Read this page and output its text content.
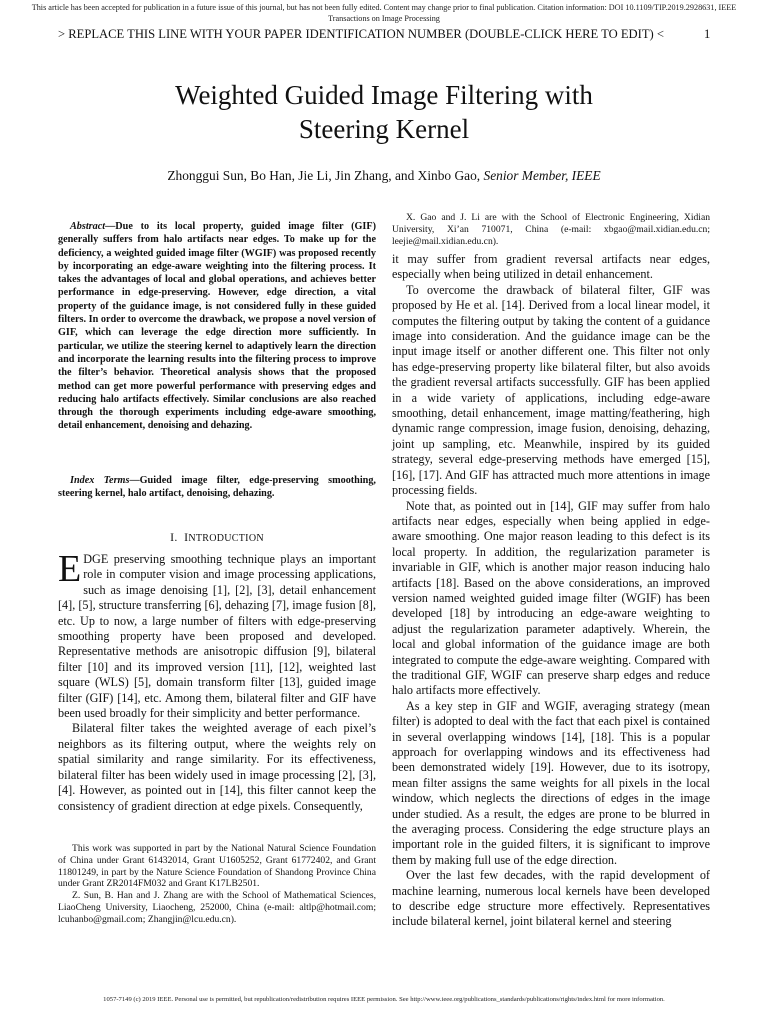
This article has been accepted for publication in a future issue of this journal, but has not been fully edited. Content may change prior to final publication. Citation information: DOI 10.1109/TIP.2019.2928631, IEEE
Transactions on Image Processing
> REPLACE THIS LINE WITH YOUR PAPER IDENTIFICATION NUMBER (DOUBLE-CLICK HERE TO EDIT) <	1
Weighted Guided Image Filtering with
Steering Kernel
Zhonggui Sun, Bo Han, Jie Li, Jin Zhang, and Xinbo Gao, Senior Member, IEEE
Abstract—Due to its local property, guided image filter (GIF) generally suffers from halo artifacts near edges. To make up for the deficiency, a weighted guided image filter (WGIF) was proposed recently by incorporating an edge-aware weighting into the filtering process. It takes the advantages of local and global operations, and achieves better performance in edge-preserving. However, edge direction, a vital property of the guidance image, is not considered fully in these guided filters. In order to overcome the drawback, we propose a novel version of GIF, which can leverage the edge direction more sufficiently. In particular, we utilize the steering kernel to adaptively learn the direction and incorporate the learning results into the filtering process to improve the filter’s behavior. Theoretical analysis shows that the proposed method can get more powerful performance with preserving edges and reducing halo artifacts effectively. Similar conclusions are also reached through the thorough experiments including edge-aware smoothing, detail enhancement, denoising and dehazing.
Index Terms—Guided image filter, edge-preserving smoothing, steering kernel, halo artifact, denoising, dehazing.
I. INTRODUCTION

EDGE preserving smoothing technique plays an important role in computer vision and image processing applications, such as image denoising [1], [2], [3], detail enhancement [4], [5], structure transferring [6], dehazing [7], image fusion [8], etc. Up to now, a large number of filters with edge-preserving smoothing property have been proposed and developed. Representative methods are anisotropic diffusion [9], bilateral filter [10] and its improved version [11], [12], weighted last square (WLS) [5], domain transform filter [13], guided image filter (GIF) [14], etc. Among them, bilateral filter and GIF have been used broadly for their simplicity and better performance.

Bilateral filter takes the weighted average of each pixel’s neighbors as its filtering output, where the weights rely on spatial similarity and range similarity. For its effectiveness, bilateral filter has been widely used in image processing [2], [3], [4]. However, as pointed out in [14], this filter cannot keep the consistency of gradient direction at edge pixels. Consequently,

This work was supported in part by the National Natural Science Foundation of China under Grant 61432014, Grant U1605252, Grant 61772402, and Grant 11801249, in part by the Nature Science Foundation of Shandong Province China under Grant ZR2014FM032 and Grant K17LB2501.

Z. Sun, B. Han and J. Zhang are with the School of Mathematical Sciences, LiaoCheng University, Liaocheng, 252000, China (e-mail: altlp@hotmail.com; lcuhanbo@gmail.com; Zhangjin@lcu.edu.cn).

X. Gao and J. Li are with the School of Electronic Engineering, Xidian University, Xi’an 710071, China (e-mail: xbgao@mail.xidian.edu.cn; leejie@mail.xidian.edu.cn).

it may suffer from gradient reversal artifacts near edges, especially when being utilized in detail enhancement.

To overcome the drawback of bilateral filter, GIF was proposed by He et al. [14]. Derived from a local linear model, it computes the filtering output by taking the content of a guidance image into consideration. And the guidance image can be the input image itself or another different one. This filter not only has edge-preserving property like bilateral filter, but also avoids the gradient reversal artifacts successfully. GIF has been applied in a wide variety of applications, including edge-aware smoothing, detail enhancement, image matting/feathering, high dynamic range compression, image fusion, denoising, dehazing, joint up sampling, etc. Meanwhile, inspired by its guided strategy, several edge-preserving methods have emerged [15], [16], [17]. And GIF has attracted much more attentions in image processing fields.

Note that, as pointed out in [14], GIF may suffer from halo artifacts near edges, especially when being applied in edge-aware smoothing. One major reason leading to this defect is its local property. In addition, the regularization parameter is invariable in GIF, which is another major reason inducing halo artifacts [18]. Based on the above considerations, an improved version named weighted guided image filter (WGIF) has been developed [18] by introducing an edge-aware weighting to adjust the regularization parameter adaptively. Wherein, the local and global information of the guidance image are both integrated to compute the edge-aware weighting. Compared with the traditional GIF, WGIF can preserve sharp edges and reduce halo artifacts more effectively.

As a key step in GIF and WGIF, averaging strategy (mean filter) is adopted to deal with the fact that each pixel is contained in several overlapping windows [14], [18]. This is a popular approach for overlapping windows and its effectiveness had been demonstrated widely [19]. However, due to its isotropy, mean filter assigns the same weights for all pixels in the local window, which neglects the directions of edges in the image under studied. As a result, the edges are prone to be blurred in the averaging process. Considering the edge structure plays an important role in the guided filters, it is significant to improve them by making full use of the edge direction.

Over the last few decades, with the rapid development of machine learning, numerous local kernels have been developed to describe edge structure more effectively. Representatives include bilateral kernel, joint bilateral kernel and steering

1057-7149 (c) 2019 IEEE. Personal use is permitted, but republication/redistribution requires IEEE permission. See http://www.ieee.org/publications_standards/publications/rights/index.html for more information.
